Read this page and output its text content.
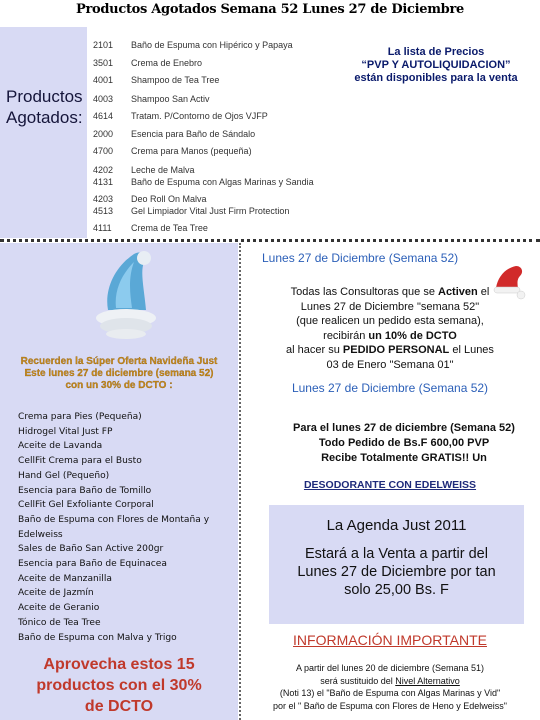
Productos Agotados Semana 52 Lunes 27 de Diciembre
Productos
Agotados:
2101	Baño de Espuma con Hipérico y Papaya
3501	Crema de Enebro
4001	Shampoo de Tea Tree
4003	Shampoo San Activ
4614	Tratam. P/Contorno de Ojos VJFP
2000	Esencia para Baño de Sándalo
4700	Crema para Manos (pequeña)
4202	Leche de Malva
4131	Baño de Espuma con Algas Marinas y Sandia
4203	Deo Roll On Malva
4513	Gel Limpiador Vital Just Firm Protection
4111	Crema de Tea Tree
La lista de Precios
“PVP Y AUTOLIQUIDACION”
están disponibles para la venta
Recuerden la Súper Oferta Navideña Just
Este lunes 27 de diciembre (semana 52)
con un 30% de DCTO :
Crema para Pies (Pequeña)
Hidrogel Vital Just FP
Aceite de Lavanda
CellFit Crema para el Busto
Hand Gel (Pequeño)
Esencia para Baño de Tomillo
CellFit Gel Exfoliante Corporal
Baño de Espuma con Flores de Montaña y
Edelweiss
Sales de Baño San Active 200gr
Esencia para Baño de Equinacea
Aceite de Manzanilla
Aceite de Jazmín
Aceite de Geranio
Tónico de Tea Tree
Baño de Espuma con Malva y Trigo
Aprovecha estos 15
productos con el 30%
de DCTO
Lunes 27 de Diciembre (Semana 52)
Todas las Consultoras que se Activen el
Lunes 27 de Diciembre "semana 52"
(que realicen un pedido esta semana),
recibirán un 10% de DCTO
al hacer su PEDIDO PERSONAL el Lunes
03 de Enero "Semana 01"
Lunes 27 de Diciembre (Semana 52)
Para el lunes 27 de diciembre (Semana 52)
Todo Pedido de Bs.F 600,00 PVP
Recibe Totalmente GRATIS!! Un
DESODORANTE CON EDELWEISS
La Agenda Just 2011
Estará a la Venta a partir del
Lunes 27 de Diciembre por tan
solo 25,00 Bs. F
INFORMACIÓN IMPORTANTE
A partir del lunes 20 de diciembre (Semana 51)
será sustituido del Nivel Alternativo
(Noti 13) el "Baño de Espuma con Algas Marinas y Vid"
por el " Baño de Espuma con Flores de Heno y Edelweiss"
